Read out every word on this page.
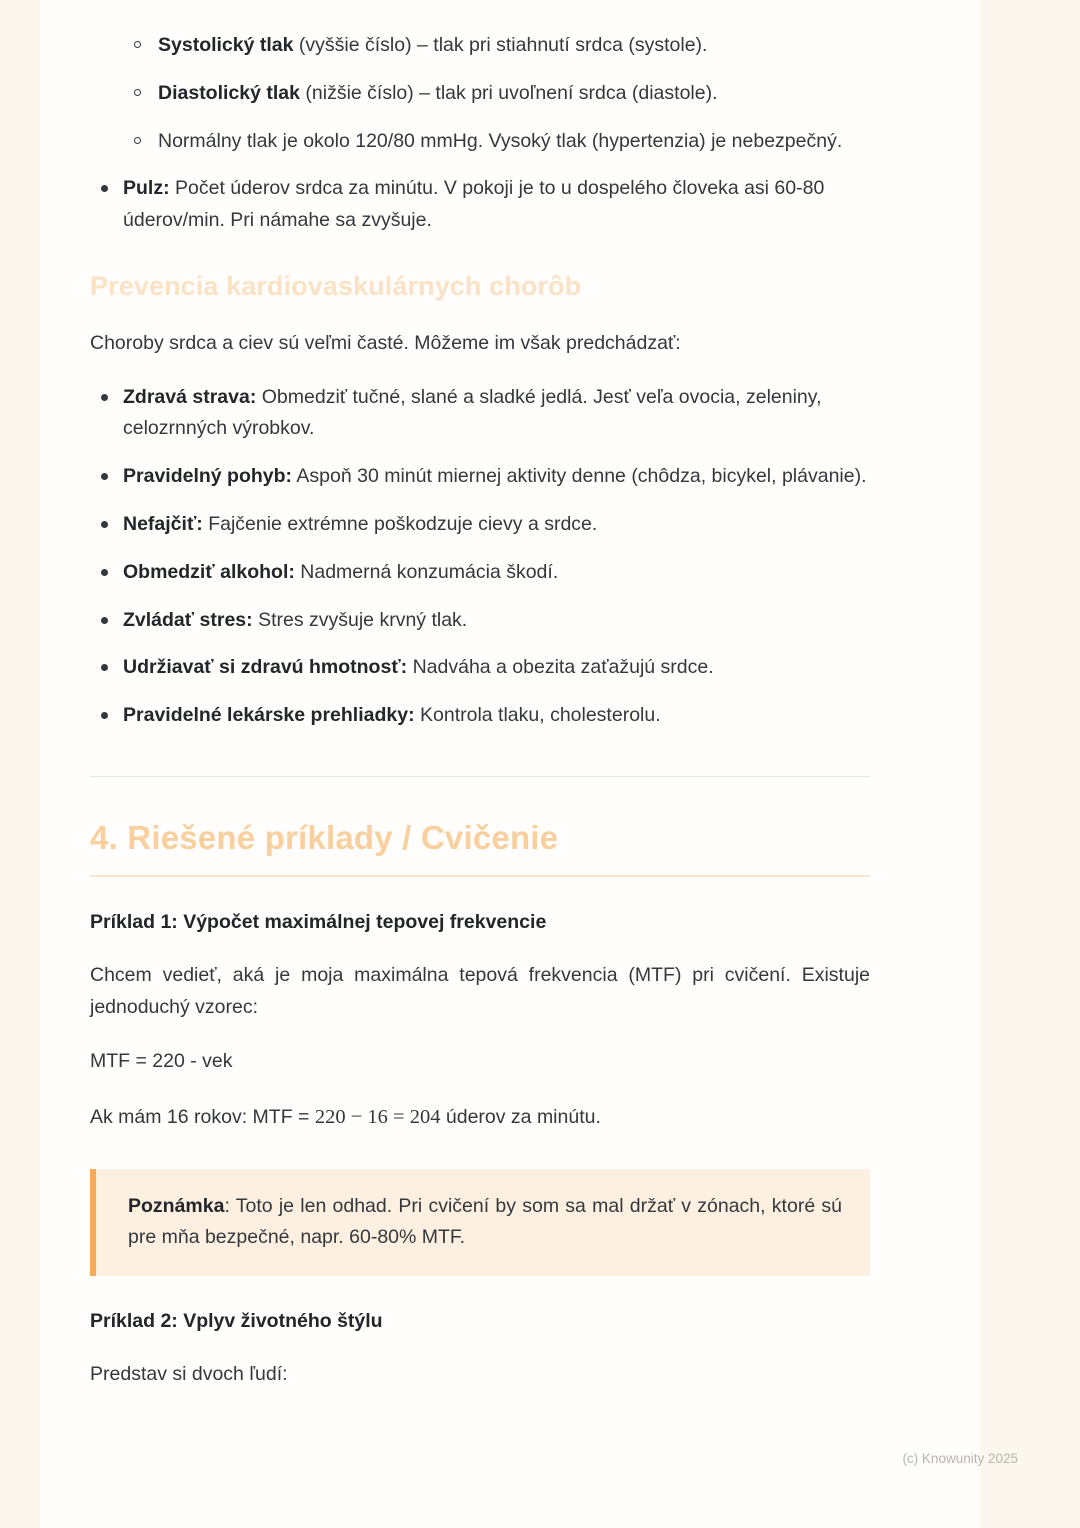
Systolický tlak (vyššie číslo) – tlak pri stiahnutí srdca (systole).
Diastolický tlak (nižšie číslo) – tlak pri uvoľnení srdca (diastole).
Normálny tlak je okolo 120/80 mmHg. Vysoký tlak (hypertenzia) je nebezpečný.
Pulz: Počet úderov srdca za minútu. V pokoji je to u dospelého človeka asi 60-80 úderov/min. Pri námahe sa zvyšuje.
Prevencia kardiovaskulárnych chorôb

Choroby srdca a ciev sú veľmi časté. Môžeme im však predchádzať:

Zdravá strava: Obmedziť tučné, slané a sladké jedlá. Jesť veľa ovocia, zeleniny, celozrnných výrobkov.
Pravidelný pohyb: Aspoň 30 minút miernej aktivity denne (chôdza, bicykel, plávanie).
Nefajčiť: Fajčenie extrémne poškodzuje cievy a srdce.
Obmedziť alkohol: Nadmerná konzumácia škodí.
Zvládať stres: Stres zvyšuje krvný tlak.
Udržiavať si zdravú hmotnosť: Nadváha a obezita zaťažujú srdce.
Pravidelné lekárske prehliadky: Kontrola tlaku, cholesterolu.
4. Riešené príklady / Cvičenie
Príklad 1: Výpočet maximálnej tepovej frekvencie

Chcem vedieť, aká je moja maximálna tepová frekvencia (MTF) pri cvičení. Existuje jednoduchý vzorec:

MTF = 220 - vek

Ak mám 16 rokov: MTF = 220 − 16 = 204 úderov za minútu.

Poznámka: Toto je len odhad. Pri cvičení by som sa mal držať v zónach, ktoré sú pre mňa bezpečné, napr. 60-80% MTF.
Príklad 2: Vplyv životného štýlu

Predstav si dvoch ľudí:

(c) Knowunity 2025
